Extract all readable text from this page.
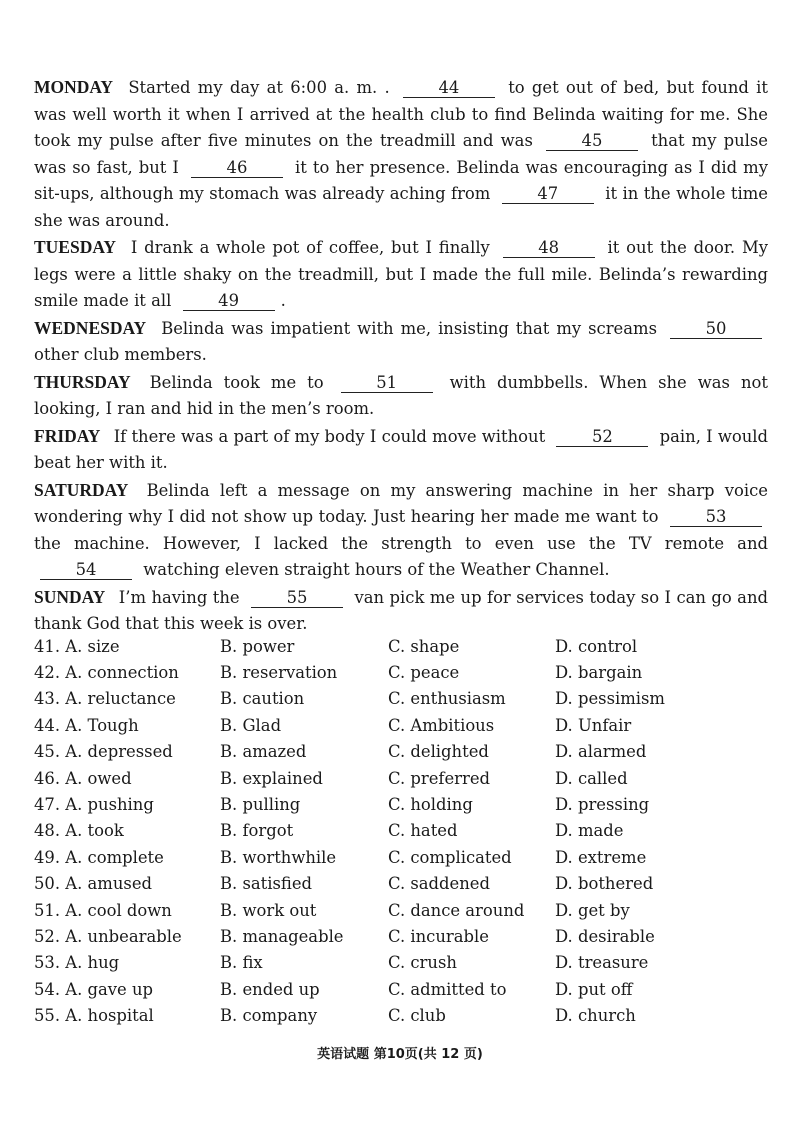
MONDAY Started my day at 6:00 a. m. .	44	to get out of bed, but found it was well worth it when I arrived at the health club to find Belinda waiting for me. She took my pulse after five minutes on the treadmill and was	45	that my pulse was so fast, but I	46	it to her presence. Belinda was encouraging as I did my sit-ups, although my stomach was already aching from	47	it in the whole time she was around.

TUESDAY I drank a whole pot of coffee, but I finally	48	it out the door. My legs were a little shaky on the treadmill, but I made the full mile. Belinda’s rewarding smile made it all	49	.

WEDNESDAY Belinda was impatient with me, insisting that my screams	50 other club members.

THURSDAY Belinda took me to	51	with dumbbells. When she was not looking, I ran and hid in the men’s room.

FRIDAY If there was a part of my body I could move without	52	pain, I would beat her with it.

SATURDAY Belinda left a message on my answering machine in her sharp voice wondering why I did not show up today. Just hearing her made me want to	53 the machine. However, I lacked the strength to even use the TV remote and 54	watching eleven straight hours of the Weather Channel.

SUNDAY I’m having the	55	van pick me up for services today so I can go and thank God that this week is over.

41. A. size	B. power	C. shape	D. control
42. A. connection	B. reservation	C. peace	D. bargain
43. A. reluctance	B. caution	C. enthusiasm	D. pessimism
44. A. Tough	B. Glad	C. Ambitious	D. Unfair
45. A. depressed	B. amazed	C. delighted	D. alarmed
46. A. owed	B. explained	C. preferred	D. called
47. A. pushing	B. pulling	C. holding	D. pressing
48. A. took	B. forgot	C. hated	D. made
49. A. complete	B. worthwhile	C. complicated	D. extreme
50. A. amused	B. satisfied	C. saddened	D. bothered
51. A. cool down	B. work out	C. dance around	D. get by
52. A. unbearable	B. manageable	C. incurable	D. desirable
53. A. hug	B. fix	C. crush	D. treasure
54. A. gave up	B. ended up	C. admitted to	D. put off
55. A. hospital	B. company	C. club	D. church
英语试题 第10页(共 12 页)
